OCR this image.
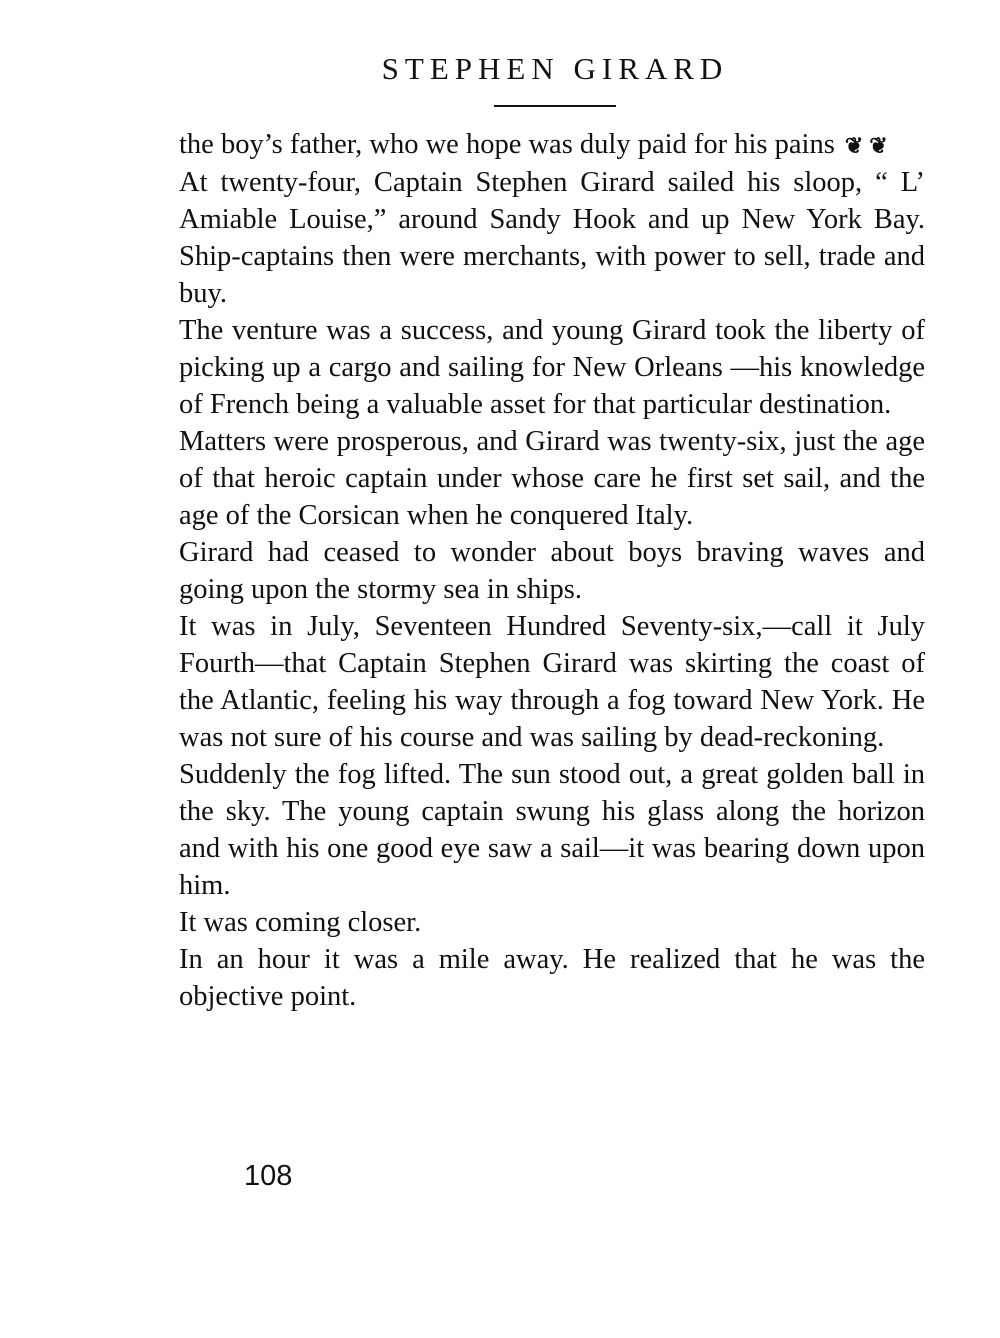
STEPHEN GIRARD

the boy’s father, who we hope was duly paid for his pains ❦ ❦

At twenty-four, Captain Stephen Girard sailed his sloop, “ L’ Amiable Louise,” around Sandy Hook and up New York Bay. Ship-captains then were merchants, with power to sell, trade and buy.

The venture was a success, and young Girard took the liberty of picking up a cargo and sailing for New Orleans —his knowledge of French being a valuable asset for that particular destination.

Matters were prosperous, and Girard was twenty-six, just the age of that heroic captain under whose care he first set sail, and the age of the Corsican when he conquered Italy.

Girard had ceased to wonder about boys braving waves and going upon the stormy sea in ships.

It was in July, Seventeen Hundred Seventy-six,—call it July Fourth—that Captain Stephen Girard was skirting the coast of the Atlantic, feeling his way through a fog toward New York. He was not sure of his course and was sailing by dead-reckoning.

Suddenly the fog lifted. The sun stood out, a great golden ball in the sky. The young captain swung his glass along the horizon and with his one good eye saw a sail—it was bearing down upon him.

It was coming closer.

In an hour it was a mile away. He realized that he was the objective point.

108
